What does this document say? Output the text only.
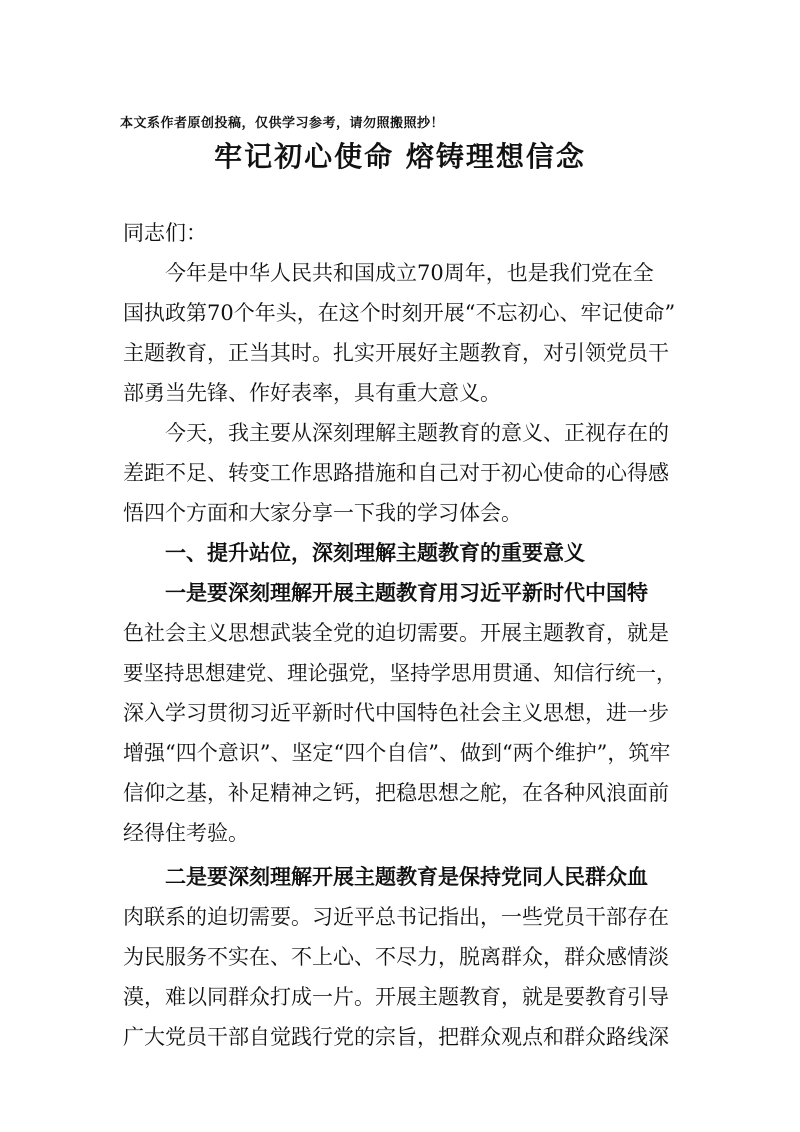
本文系作者原创投稿，仅供学习参考，请勿照搬照抄！
牢记初心使命 熔铸理想信念
同志们：
今年是中华人民共和国成立70周年，也是我们党在全
国执政第70个年头，在这个时刻开展“不忘初心、牢记使命”
主题教育，正当其时。扎实开展好主题教育，对引领党员干
部勇当先锋、作好表率，具有重大意义。
今天，我主要从深刻理解主题教育的意义、正视存在的
差距不足、转变工作思路措施和自己对于初心使命的心得感
悟四个方面和大家分享一下我的学习体会。
一、提升站位，深刻理解主题教育的重要意义
一是要深刻理解开展主题教育用习近平新时代中国特
色社会主义思想武装全党的迫切需要。开展主题教育，就是
要坚持思想建党、理论强党，坚持学思用贯通、知信行统一，
深入学习贯彻习近平新时代中国特色社会主义思想，进一步
增强“四个意识”、坚定“四个自信”、做到“两个维护”，筑牢
信仰之基，补足精神之钙，把稳思想之舵，在各种风浪面前
经得住考验。
二是要深刻理解开展主题教育是保持党同人民群众血
肉联系的迫切需要。习近平总书记指出，一些党员干部存在
为民服务不实在、不上心、不尽力，脱离群众，群众感情淡
漠，难以同群众打成一片。开展主题教育，就是要教育引导
广大党员干部自觉践行党的宗旨，把群众观点和群众路线深
